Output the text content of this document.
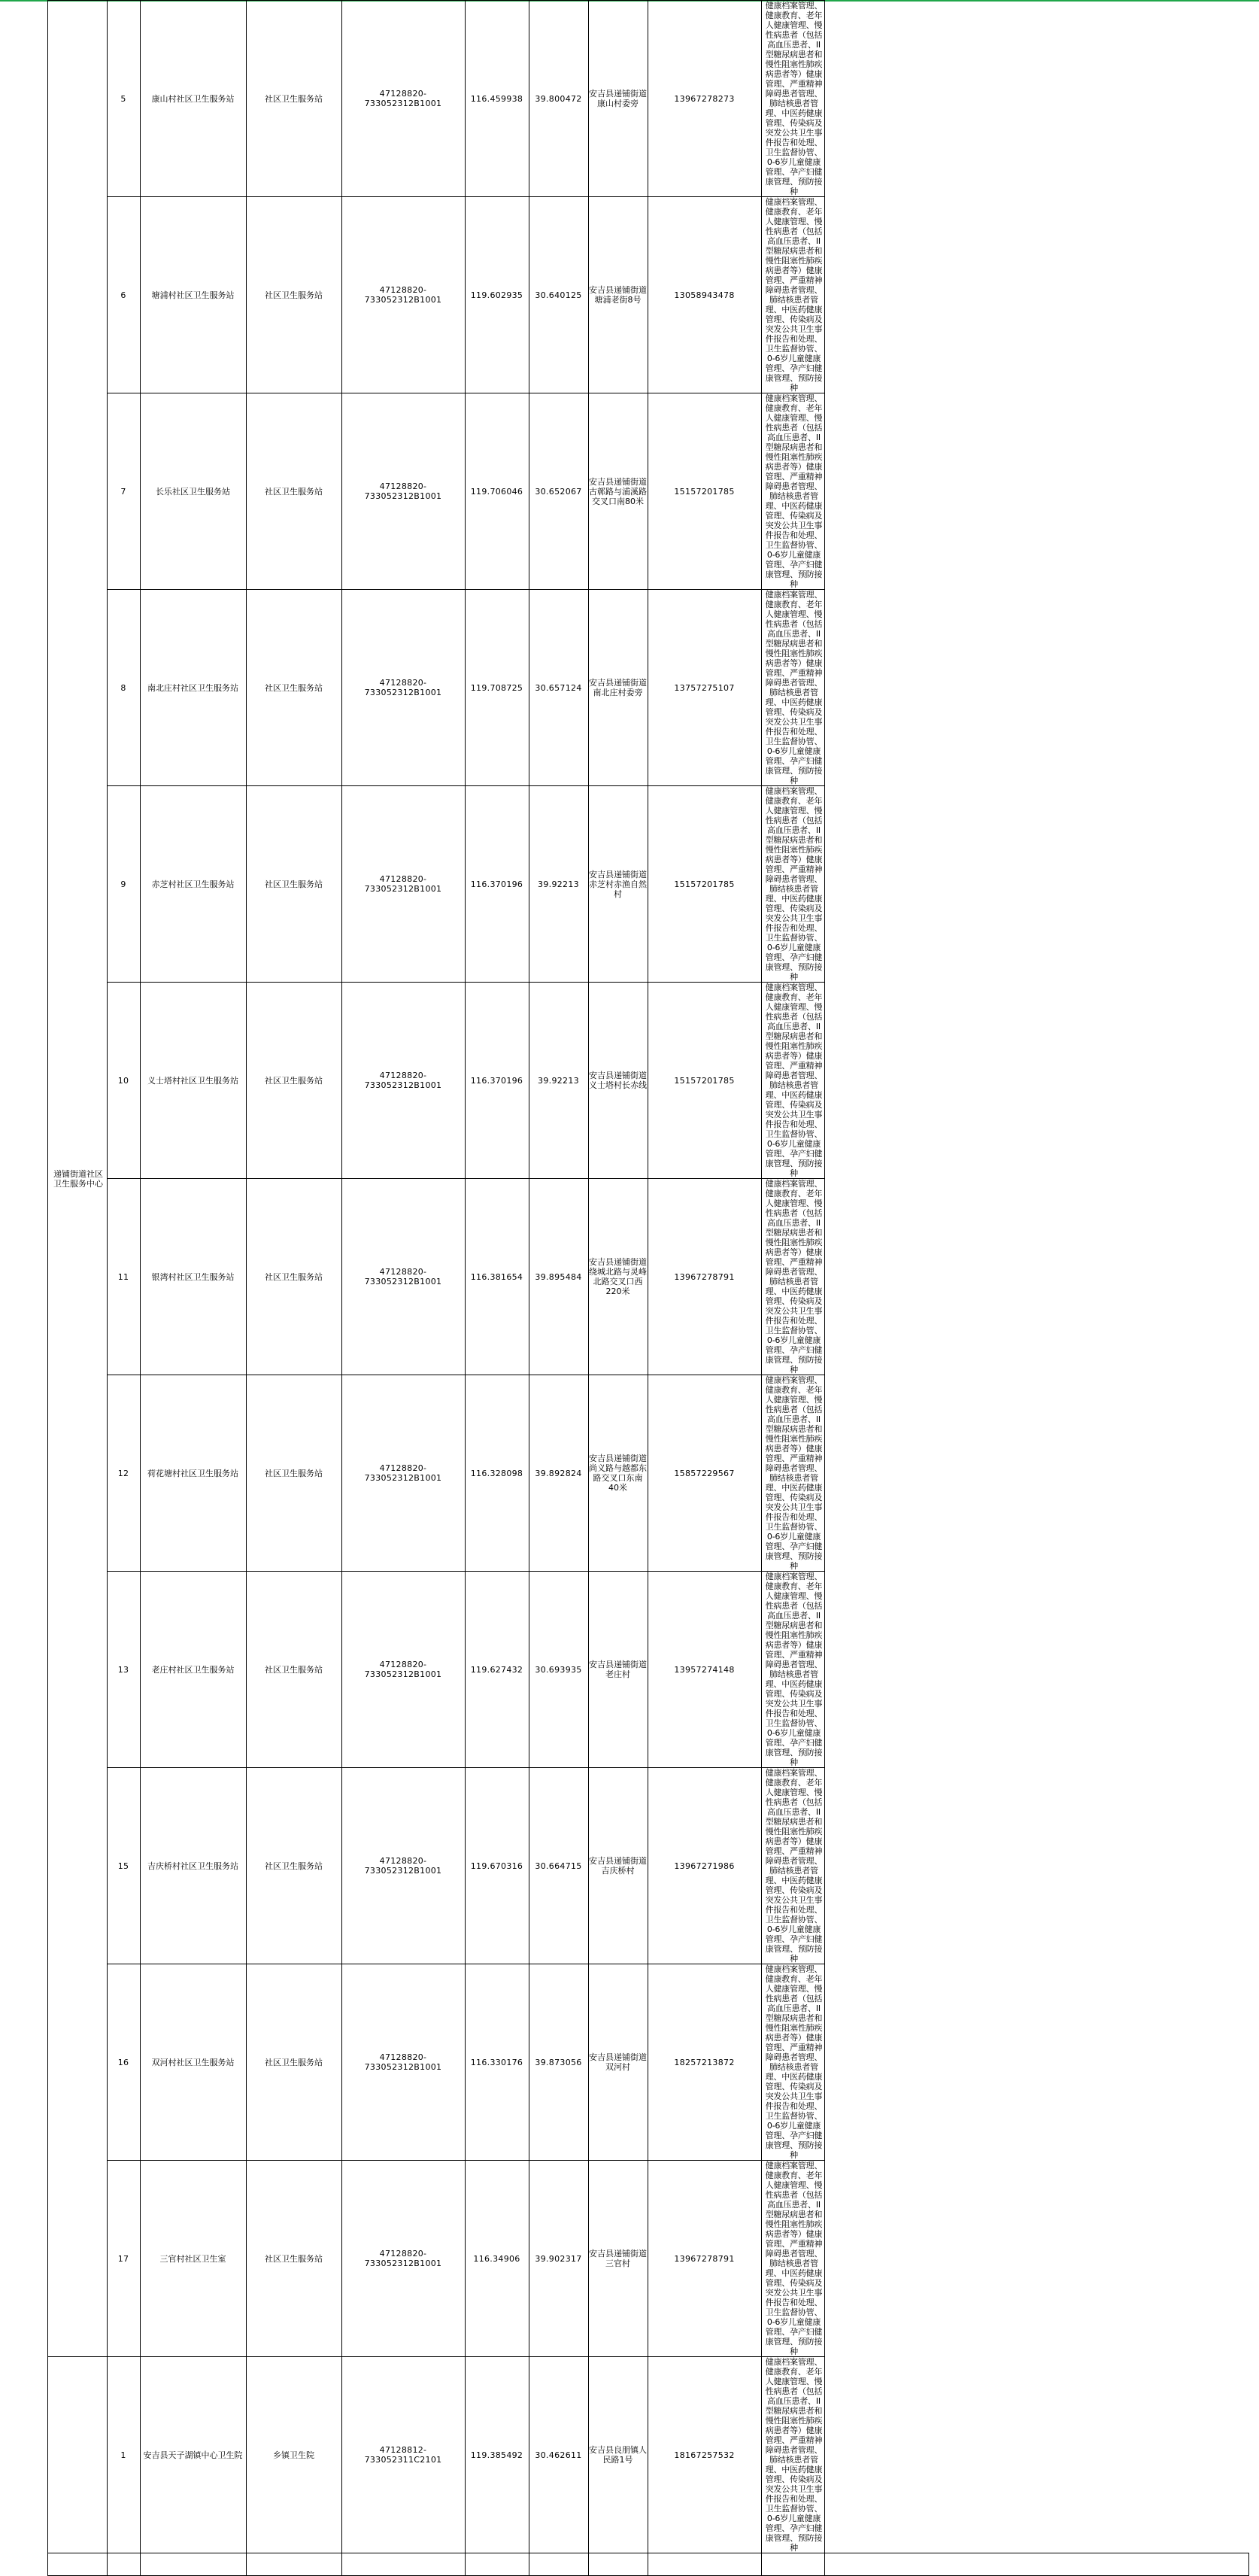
	递铺街道社区卫生服务中心	5	康山村社区卫生服务站	社区卫生服务站	47128820-733052312B1001	116.459938	39.800472	安吉县递铺街道康山村委旁	13967278273	健康档案管理、健康教育、老年人健康管理、慢性病患者（包括高血压患者、II型糖尿病患者和慢性阻塞性肺疾病患者等）健康管理、严重精神障碍患者管理、肺结核患者管理、中医药健康管理、传染病及突发公共卫生事件报告和处理、卫生监督协管、0-6岁儿童健康管理、孕产妇健康管理、预防接种	
		6	塘浦村社区卫生服务站	社区卫生服务站	47128820-733052312B1001	119.602935	30.640125	安吉县递铺街道塘浦老街8号	13058943478	健康档案管理、健康教育、老年人健康管理、慢性病患者（包括高血压患者、II型糖尿病患者和慢性阻塞性肺疾病患者等）健康管理、严重精神障碍患者管理、肺结核患者管理、中医药健康管理、传染病及突发公共卫生事件报告和处理、卫生监督协管、0-6岁儿童健康管理、孕产妇健康管理、预防接种	
		7	长乐社区卫生服务站	社区卫生服务站	47128820-733052312B1001	119.706046	30.652067	安吉县递铺街道古鄣路与浦溪路交叉口南80米	15157201785	健康档案管理、健康教育、老年人健康管理、慢性病患者（包括高血压患者、II型糖尿病患者和慢性阻塞性肺疾病患者等）健康管理、严重精神障碍患者管理、肺结核患者管理、中医药健康管理、传染病及突发公共卫生事件报告和处理、卫生监督协管、0-6岁儿童健康管理、孕产妇健康管理、预防接种	
		8	南北庄村社区卫生服务站	社区卫生服务站	47128820-733052312B1001	119.708725	30.657124	安吉县递铺街道南北庄村委旁	13757275107	健康档案管理、健康教育、老年人健康管理、慢性病患者（包括高血压患者、II型糖尿病患者和慢性阻塞性肺疾病患者等）健康管理、严重精神障碍患者管理、肺结核患者管理、中医药健康管理、传染病及突发公共卫生事件报告和处理、卫生监督协管、0-6岁儿童健康管理、孕产妇健康管理、预防接种	
		9	赤芝村社区卫生服务站	社区卫生服务站	47128820-733052312B1001	116.370196	39.92213	安吉县递铺街道赤芝村赤渔自然村	15157201785	健康档案管理、健康教育、老年人健康管理、慢性病患者（包括高血压患者、II型糖尿病患者和慢性阻塞性肺疾病患者等）健康管理、严重精神障碍患者管理、肺结核患者管理、中医药健康管理、传染病及突发公共卫生事件报告和处理、卫生监督协管、0-6岁儿童健康管理、孕产妇健康管理、预防接种	
		10	义士塔村社区卫生服务站	社区卫生服务站	47128820-733052312B1001	116.370196	39.92213	安吉县递铺街道义士塔村长赤线	15157201785	健康档案管理、健康教育、老年人健康管理、慢性病患者（包括高血压患者、II型糖尿病患者和慢性阻塞性肺疾病患者等）健康管理、严重精神障碍患者管理、肺结核患者管理、中医药健康管理、传染病及突发公共卫生事件报告和处理、卫生监督协管、0-6岁儿童健康管理、孕产妇健康管理、预防接种	
		11	银湾村社区卫生服务站	社区卫生服务站	47128820-733052312B1001	116.381654	39.895484	安吉县递铺街道绕城北路与灵峰北路交叉口西220米	13967278791	健康档案管理、健康教育、老年人健康管理、慢性病患者（包括高血压患者、II型糖尿病患者和慢性阻塞性肺疾病患者等）健康管理、严重精神障碍患者管理、肺结核患者管理、中医药健康管理、传染病及突发公共卫生事件报告和处理、卫生监督协管、0-6岁儿童健康管理、孕产妇健康管理、预防接种	
		12	荷花塘村社区卫生服务站	社区卫生服务站	47128820-733052312B1001	116.328098	39.892824	安吉县递铺街道尚义路与越都东路交叉口东南40米	15857229567	健康档案管理、健康教育、老年人健康管理、慢性病患者（包括高血压患者、II型糖尿病患者和慢性阻塞性肺疾病患者等）健康管理、严重精神障碍患者管理、肺结核患者管理、中医药健康管理、传染病及突发公共卫生事件报告和处理、卫生监督协管、0-6岁儿童健康管理、孕产妇健康管理、预防接种	
		13	老庄村社区卫生服务站	社区卫生服务站	47128820-733052312B1001	119.627432	30.693935	安吉县递铺街道老庄村	13957274148	健康档案管理、健康教育、老年人健康管理、慢性病患者（包括高血压患者、II型糖尿病患者和慢性阻塞性肺疾病患者等）健康管理、严重精神障碍患者管理、肺结核患者管理、中医药健康管理、传染病及突发公共卫生事件报告和处理、卫生监督协管、0-6岁儿童健康管理、孕产妇健康管理、预防接种	
		15	吉庆桥村社区卫生服务站	社区卫生服务站	47128820-733052312B1001	119.670316	30.664715	安吉县递铺街道吉庆桥村	13967271986	健康档案管理、健康教育、老年人健康管理、慢性病患者（包括高血压患者、II型糖尿病患者和慢性阻塞性肺疾病患者等）健康管理、严重精神障碍患者管理、肺结核患者管理、中医药健康管理、传染病及突发公共卫生事件报告和处理、卫生监督协管、0-6岁儿童健康管理、孕产妇健康管理、预防接种	
		16	双河村社区卫生服务站	社区卫生服务站	47128820-733052312B1001	116.330176	39.873056	安吉县递铺街道双河村	18257213872	健康档案管理、健康教育、老年人健康管理、慢性病患者（包括高血压患者、II型糖尿病患者和慢性阻塞性肺疾病患者等）健康管理、严重精神障碍患者管理、肺结核患者管理、中医药健康管理、传染病及突发公共卫生事件报告和处理、卫生监督协管、0-6岁儿童健康管理、孕产妇健康管理、预防接种	
		17	三官村社区卫生室	社区卫生服务站	47128820-733052312B1001	116.34906	39.902317	安吉县递铺街道三官村	13967278791	健康档案管理、健康教育、老年人健康管理、慢性病患者（包括高血压患者、II型糖尿病患者和慢性阻塞性肺疾病患者等）健康管理、严重精神障碍患者管理、肺结核患者管理、中医药健康管理、传染病及突发公共卫生事件报告和处理、卫生监督协管、0-6岁儿童健康管理、孕产妇健康管理、预防接种	
		1	安吉县天子湖镇中心卫生院	乡镇卫生院	47128812-733052311C2101	119.385492	30.462611	安吉县良朋镇人民路1号	18167257532	健康档案管理、健康教育、老年人健康管理、慢性病患者（包括高血压患者、II型糖尿病患者和慢性阻塞性肺疾病患者等）健康管理、严重精神障碍患者管理、肺结核患者管理、中医药健康管理、传染病及突发公共卫生事件报告和处理、卫生监督协管、0-6岁儿童健康管理、孕产妇健康管理、预防接种	
